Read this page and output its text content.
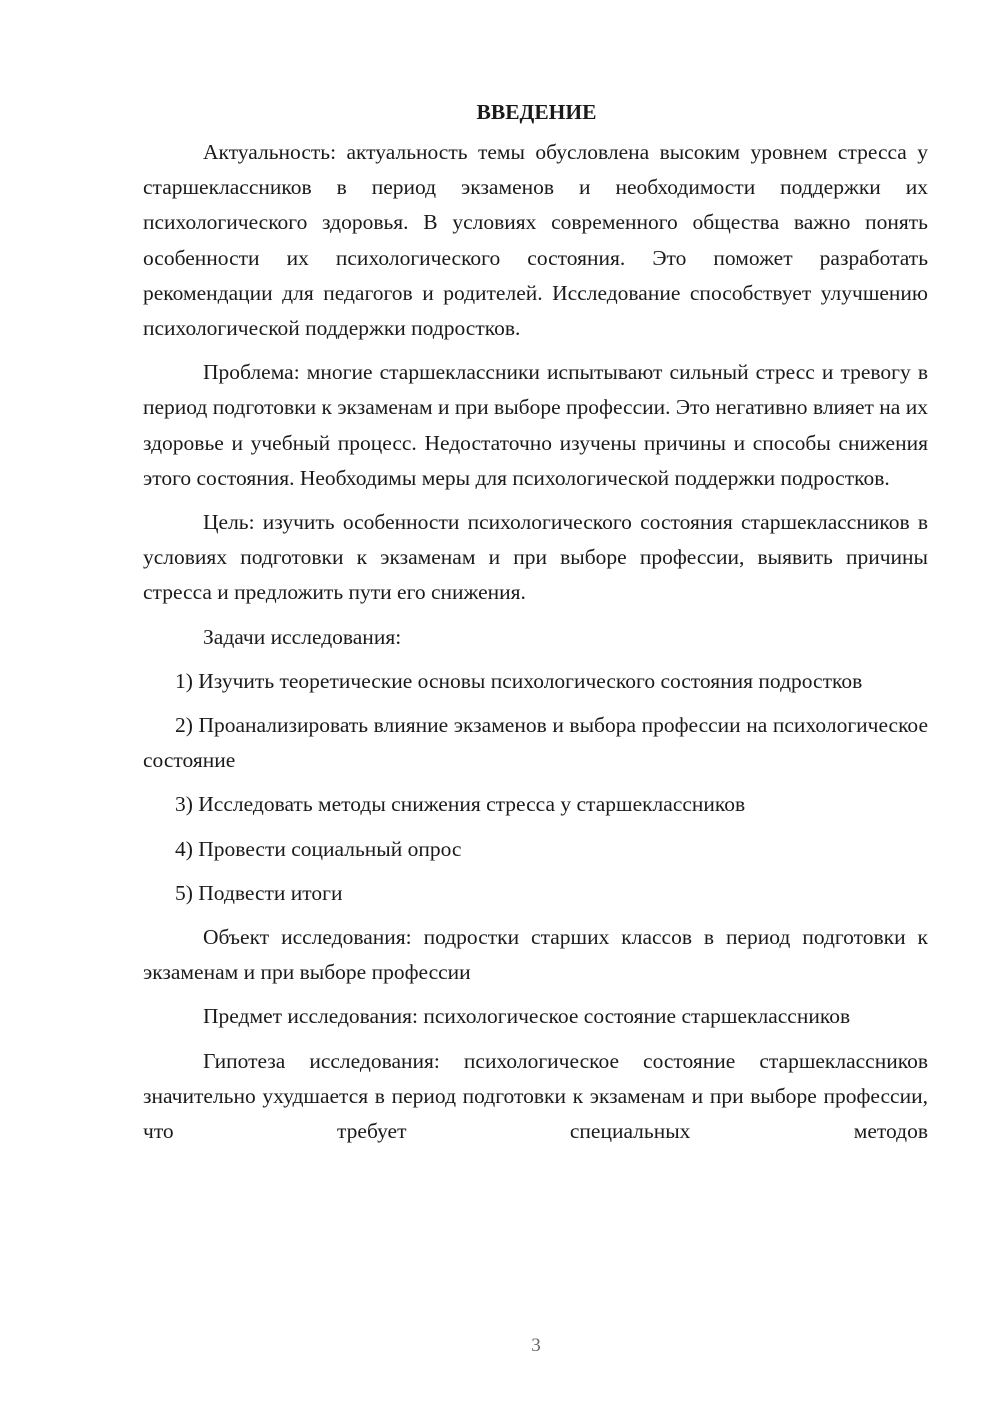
ВВЕДЕНИЕ

Актуальность: актуальность темы обусловлена высоким уровнем стресса у старшеклассников в период экзаменов и необходимости поддержки их психологического здоровья. В условиях современного общества важно понять особенности их психологического состояния. Это поможет разработать рекомендации для педагогов и родителей. Исследование способствует улучшению психологической поддержки подростков.

Проблема: многие старшеклассники испытывают сильный стресс и тревогу в период подготовки к экзаменам и при выборе профессии. Это негативно влияет на их здоровье и учебный процесс. Недостаточно изучены причины и способы снижения этого состояния. Необходимы меры для психологической поддержки подростков.

Цель: изучить особенности психологического состояния старшеклассников в условиях подготовки к экзаменам и при выборе профессии, выявить причины стресса и предложить пути его снижения.

Задачи исследования:

1) Изучить теоретические основы психологического состояния подростков

2) Проанализировать влияние экзаменов и выбора профессии на психологическое состояние

3) Исследовать методы снижения стресса у старшеклассников

4) Провести социальный опрос

5) Подвести итоги

Объект исследования: подростки старших классов в период подготовки к экзаменам и при выборе профессии

Предмет исследования: психологическое состояние старшеклассников

Гипотеза исследования: психологическое состояние старшеклассников значительно ухудшается в период подготовки к экзаменам и при выборе профессии, что требует специальных методов

3
